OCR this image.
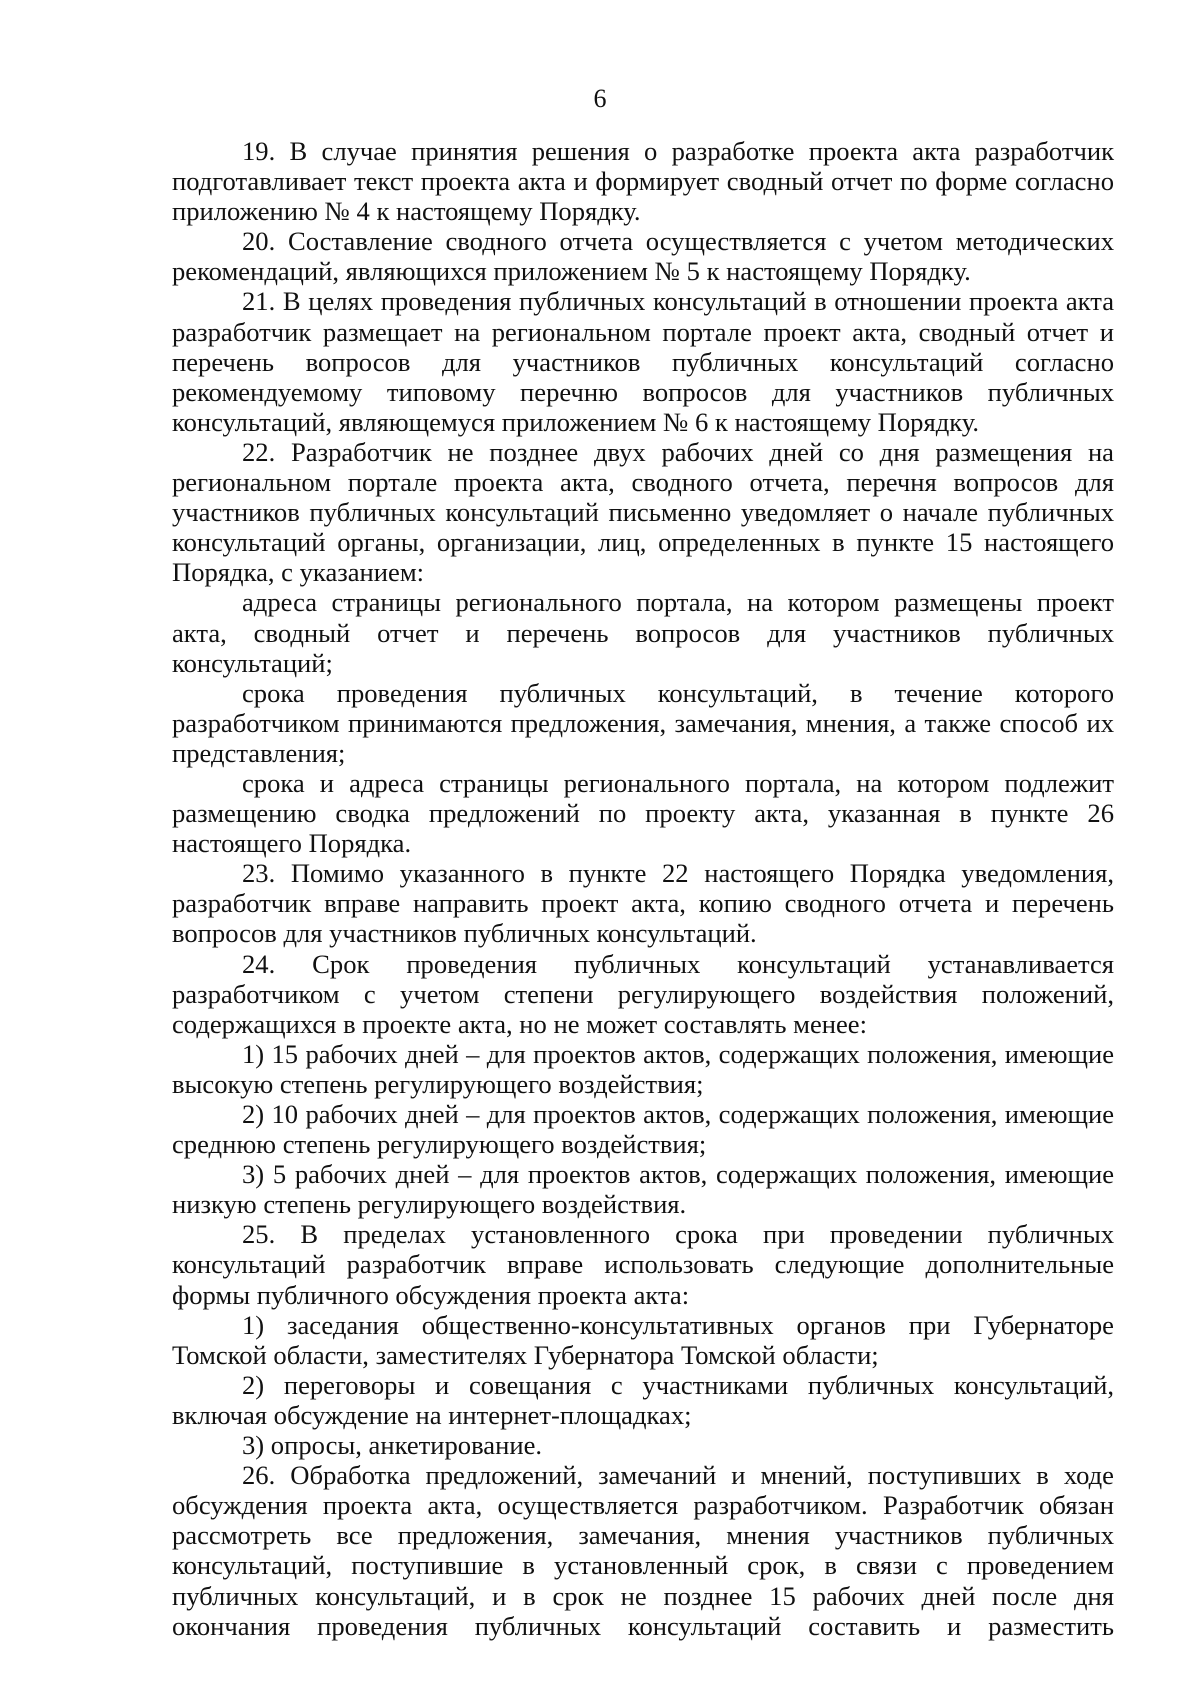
6

19. В случае принятия решения о разработке проекта акта разработчик подготавливает текст проекта акта и формирует сводный отчет по форме согласно приложению № 4 к настоящему Порядку.

20. Составление сводного отчета осуществляется с учетом методических рекомендаций, являющихся приложением № 5 к настоящему Порядку.

21. В целях проведения публичных консультаций в отношении проекта акта разработчик размещает на региональном портале проект акта, сводный отчет и перечень вопросов для участников публичных консультаций согласно рекомендуемому типовому перечню вопросов для участников публичных консультаций, являющемуся приложением № 6 к настоящему Порядку.

22. Разработчик не позднее двух рабочих дней со дня размещения на региональном портале проекта акта, сводного отчета, перечня вопросов для участников публичных консультаций письменно уведомляет о начале публичных консультаций органы, организации, лиц, определенных в пункте 15 настоящего Порядка, с указанием:

адреса страницы регионального портала, на котором размещены проект акта, сводный отчет и перечень вопросов для участников публичных консультаций;

срока проведения публичных консультаций, в течение которого разработчиком принимаются предложения, замечания, мнения, а также способ их представления;

срока и адреса страницы регионального портала, на котором подлежит размещению сводка предложений по проекту акта, указанная в пункте 26 настоящего Порядка.

23. Помимо указанного в пункте 22 настоящего Порядка уведомления, разработчик вправе направить проект акта, копию сводного отчета и перечень вопросов для участников публичных консультаций.

24. Срок проведения публичных консультаций устанавливается разработчиком с учетом степени регулирующего воздействия положений, содержащихся в проекте акта, но не может составлять менее:

1) 15 рабочих дней – для проектов актов, содержащих положения, имеющие высокую степень регулирующего воздействия;

2) 10 рабочих дней – для проектов актов, содержащих положения, имеющие среднюю степень регулирующего воздействия;

3) 5 рабочих дней – для проектов актов, содержащих положения, имеющие низкую степень регулирующего воздействия.

25. В пределах установленного срока при проведении публичных консультаций разработчик вправе использовать следующие дополнительные формы публичного обсуждения проекта акта:

1) заседания общественно-консультативных органов при Губернаторе Томской области, заместителях Губернатора Томской области;

2) переговоры и совещания с участниками публичных консультаций, включая обсуждение на интернет-площадках;

3) опросы, анкетирование.

26. Обработка предложений, замечаний и мнений, поступивших в ходе обсуждения проекта акта, осуществляется разработчиком. Разработчик обязан рассмотреть все предложения, замечания, мнения участников публичных консультаций, поступившие в установленный срок, в связи с проведением публичных консультаций, и в срок не позднее 15 рабочих дней после дня окончания проведения публичных консультаций составить и разместить
